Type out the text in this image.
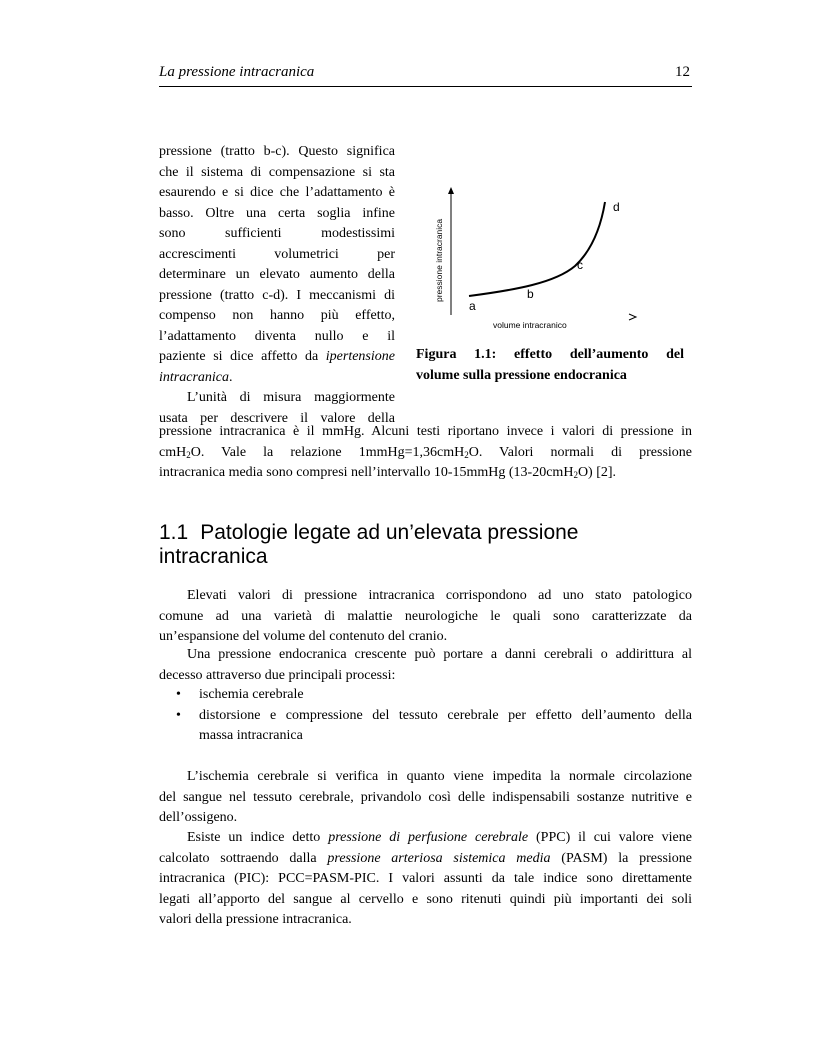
La pressione intracranica	12
pressione (tratto b-c). Questo significa
che il sistema di compensazione si sta
esaurendo e si dice che l’adattamento è
basso. Oltre una certa soglia infine
sono sufficienti modestissimi
accrescimenti volumetrici per
determinare un elevato aumento della
pressione (tratto c-d). I meccanismi di
compenso non hanno più effetto,
l’adattamento diventa nullo e il
paziente si dice affetto da ipertensione
intracranica.
L’unità di misura maggiormente
usata per descrivere il valore della
pressione intracranica
volume intracranico
a
b
c
d
Figura 1.1: effetto dell’aumento del
volume sulla pressione endocranica
pressione intracranica è il mmHg. Alcuni testi riportano invece i valori di pressione in
cmH$_2$O. Vale la relazione 1mmHg=1,36cmH$_2$O. Valori normali di pressione
intracranica media sono compresi nell’intervallo 10-15mmHg (13-20cmH$_2$O) [2].
1.1 Patologie legate ad un’elevata pressione
intracranica
Elevati valori di pressione intracranica corrispondono ad uno stato patologico
comune ad una varietà di malattie neurologiche le quali sono caratterizzate da
un’espansione del volume del contenuto del cranio.
Una pressione endocranica crescente può portare a danni cerebrali o addirittura al
decesso attraverso due principali processi:
• ischemia cerebrale
• distorsione e compressione del tessuto cerebrale per effetto dell’aumento della
massa intracranica
L’ischemia cerebrale si verifica in quanto viene impedita la normale circolazione
del sangue nel tessuto cerebrale, privandolo così delle indispensabili sostanze nutritive e
dell’ossigeno.
Esiste un indice detto pressione di perfusione cerebrale (PPC) il cui valore viene
calcolato sottraendo dalla pressione arteriosa sistemica media (PASM) la pressione
intracranica (PIC): PCC=PASM-PIC. I valori assunti da tale indice sono direttamente
legati all’apporto del sangue al cervello e sono ritenuti quindi più importanti dei soli
valori della pressione intracranica.
